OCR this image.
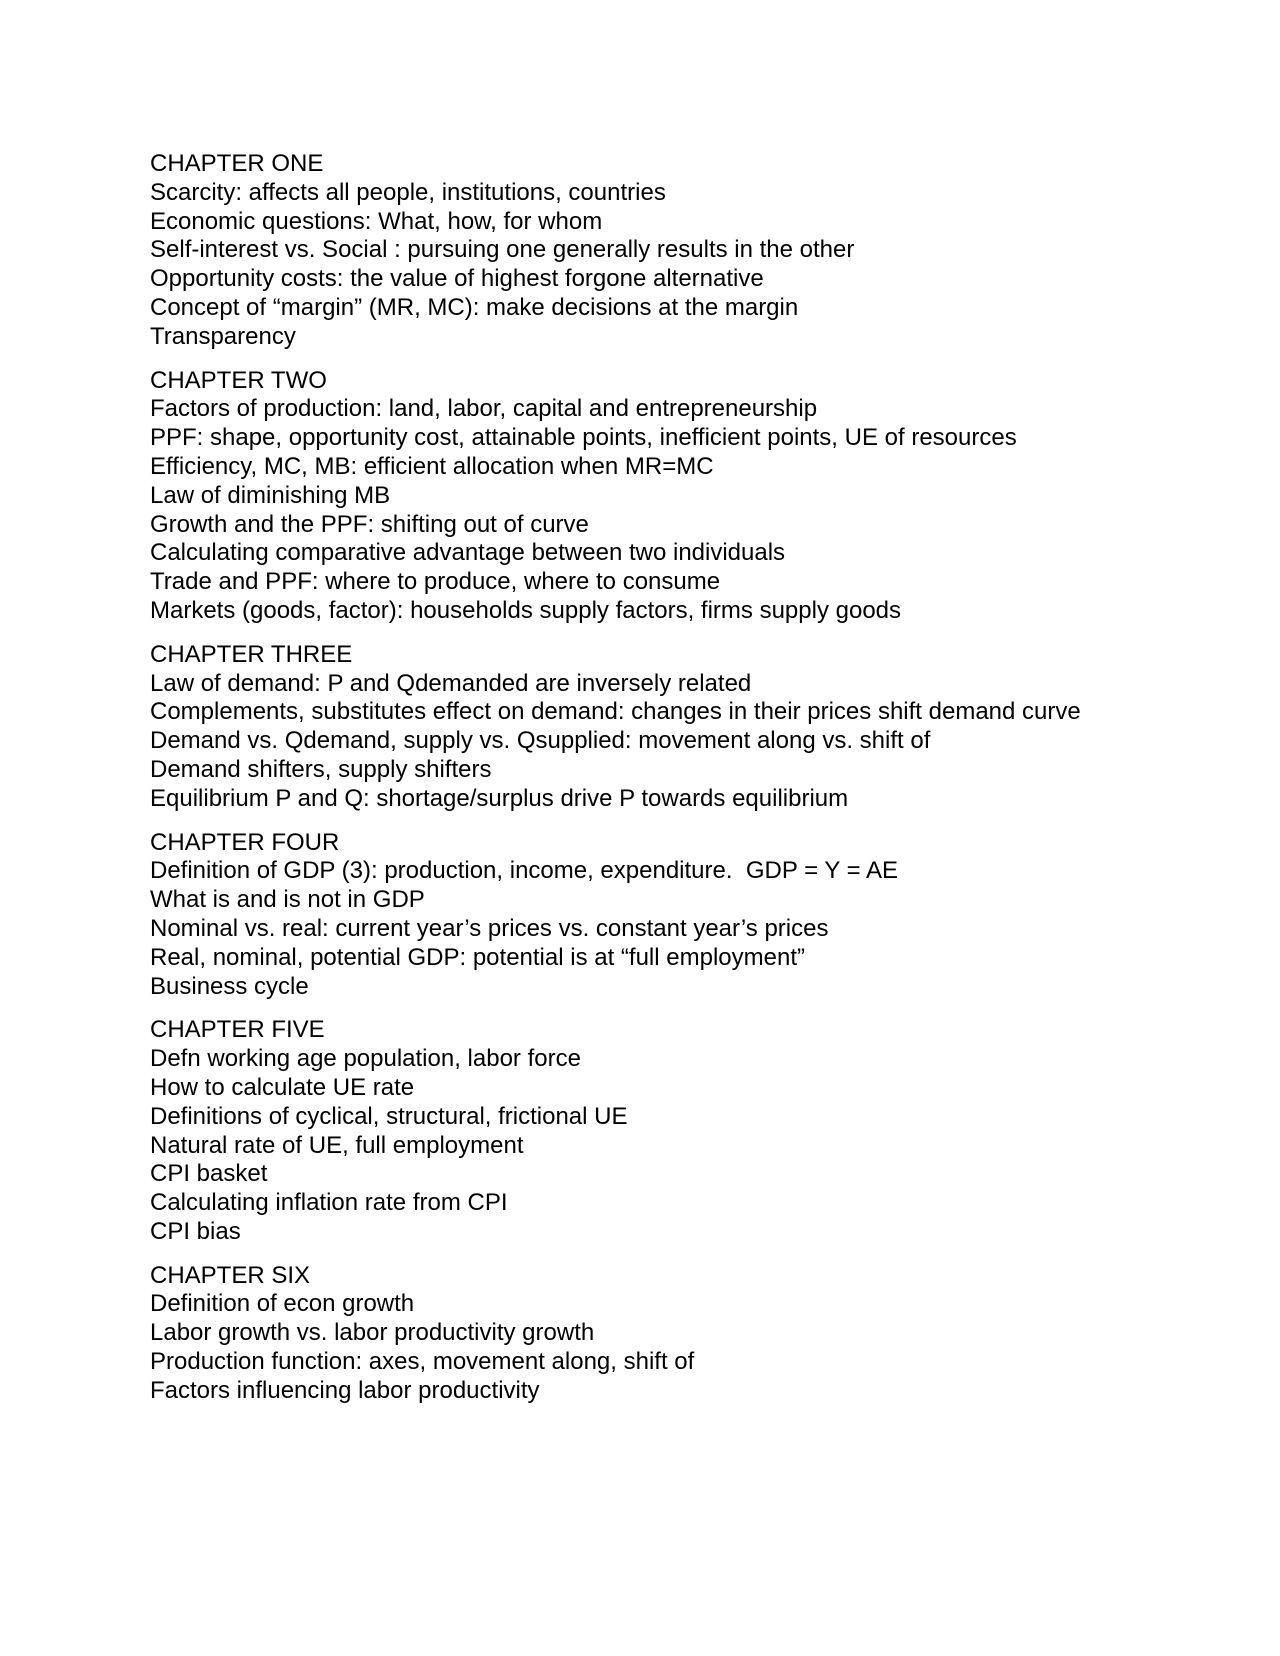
CHAPTER ONE
Scarcity: affects all people, institutions, countries
Economic questions: What, how, for whom
Self-interest vs. Social : pursuing one generally results in the other
Opportunity costs: the value of highest forgone alternative
Concept of “margin” (MR, MC): make decisions at the margin
Transparency
CHAPTER TWO
Factors of production: land, labor, capital and entrepreneurship
PPF: shape, opportunity cost, attainable points, inefficient points, UE of resources
Efficiency, MC, MB: efficient allocation when MR=MC
Law of diminishing MB
Growth and the PPF: shifting out of curve
Calculating comparative advantage between two individuals
Trade and PPF: where to produce, where to consume
Markets (goods, factor): households supply factors, firms supply goods
CHAPTER THREE
Law of demand: P and Qdemanded are inversely related
Complements, substitutes effect on demand: changes in their prices shift demand curve
Demand vs. Qdemand, supply vs. Qsupplied: movement along vs. shift of
Demand shifters, supply shifters
Equilibrium P and Q: shortage/surplus drive P towards equilibrium
CHAPTER FOUR
Definition of GDP (3): production, income, expenditure.  GDP = Y = AE
What is and is not in GDP
Nominal vs. real: current year’s prices vs. constant year’s prices
Real, nominal, potential GDP: potential is at “full employment”
Business cycle
CHAPTER FIVE
Defn working age population, labor force
How to calculate UE rate
Definitions of cyclical, structural, frictional UE
Natural rate of UE, full employment
CPI basket
Calculating inflation rate from CPI
CPI bias
CHAPTER SIX
Definition of econ growth
Labor growth vs. labor productivity growth
Production function: axes, movement along, shift of
Factors influencing labor productivity
